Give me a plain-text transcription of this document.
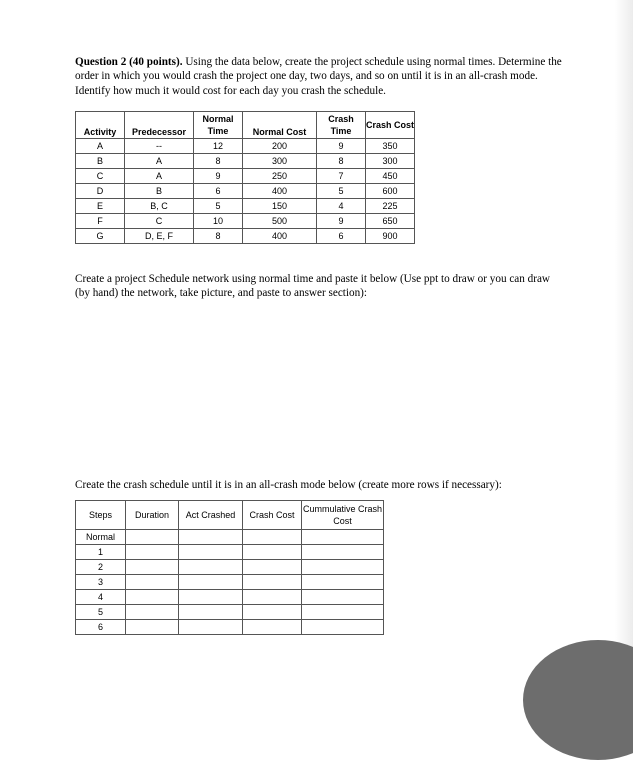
Question 2 (40 points). Using the data below, create the project schedule using normal times. Determine the order in which you would crash the project one day, two days, and so on until it is in an all-crash mode. Identify how much it would cost for each day you crash the schedule.

Activity	Predecessor	Normal Time	Normal Cost	Crash Time	Crash Cost
A	--	12	200	9	350
B	A	8	300	8	300
C	A	9	250	7	450
D	B	6	400	5	600
E	B, C	5	150	4	225
F	C	10	500	9	650
G	D, E, F	8	400	6	900

Create a project Schedule network using normal time and paste it below (Use ppt to draw or you can draw (by hand) the network, take picture, and paste to answer section):

Create the crash schedule until it is in an all-crash mode below (create more rows if necessary):

Steps	Duration	Act Crashed	Crash Cost	Cummulative Crash Cost
Normal				
1				
2				
3				
4				
5				
6				
